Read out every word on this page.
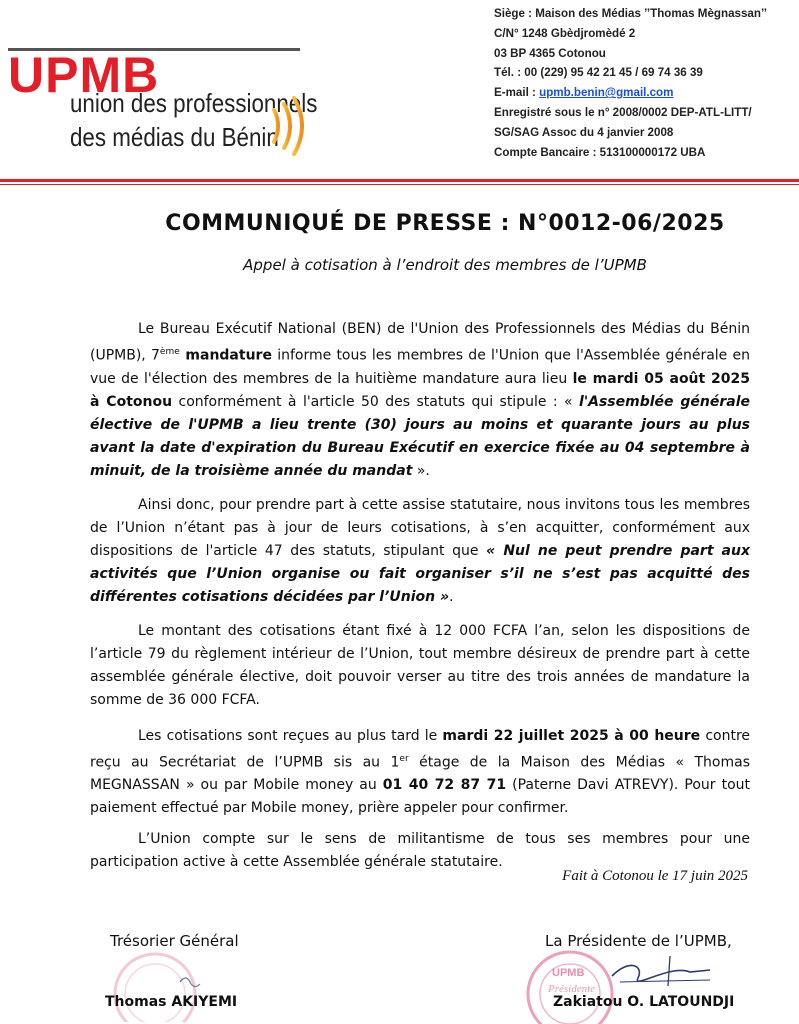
UPMB
union des professionnels
des médias du Bénin
Siège : Maison des Médias ’’Thomas Mègnassan’’
C/N° 1248 Gbèdjromèdé 2
03 BP 4365 Cotonou
Tél. : 00 (229) 95 42 21 45 / 69 74 36 39
E-mail : upmb.benin@gmail.com
Enregistré sous le n° 2008/0002 DEP-ATL-LITT/
SG/SAG Assoc du 4 janvier 2008
Compte Bancaire : 513100000172 UBA
COMMUNIQUÉ DE PRESSE : N°0012-06/2025
Appel à cotisation à l’endroit des membres de l’UPMB

Le Bureau Exécutif National (BEN) de l'Union des Professionnels des Médias du Bénin (UPMB), 7ème mandature informe tous les membres de l'Union que l'Assemblée générale en vue de l'élection des membres de la huitième mandature aura lieu le mardi 05 août 2025 à Cotonou conformément à l'article 50 des statuts qui stipule : « l'Assemblée générale élective de l'UPMB a lieu trente (30) jours au moins et quarante jours au plus avant la date d'expiration du Bureau Exécutif en exercice fixée au 04 septembre à minuit, de la troisième année du mandat ».

Ainsi donc, pour prendre part à cette assise statutaire, nous invitons tous les membres de l’Union n’étant pas à jour de leurs cotisations, à s’en acquitter, conformément aux dispositions de l'article 47 des statuts, stipulant que « Nul ne peut prendre part aux activités que l’Union organise ou fait organiser s’il ne s’est pas acquitté des différentes cotisations décidées par l’Union ».

Le montant des cotisations étant fixé à 12 000 FCFA l’an, selon les dispositions de l’article 79 du règlement intérieur de l’Union, tout membre désireux de prendre part à cette assemblée générale élective, doit pouvoir verser au titre des trois années de mandature la somme de 36 000 FCFA.

Les cotisations sont reçues au plus tard le mardi 22 juillet 2025 à 00 heure contre reçu au Secrétariat de l’UPMB sis au 1er étage de la Maison des Médias « Thomas MEGNASSAN » ou par Mobile money au 01 40 72 87 71 (Paterne Davi ATREVY). Pour tout paiement effectué par Mobile money, prière appeler pour confirmer.

L’Union compte sur le sens de militantisme de tous ses membres pour une participation active à cette Assemblée générale statutaire.

Fait à Cotonou le 17 juin 2025
UPMB
Présidente
Trésorier Général
Thomas AKIYEMI
La Présidente de l’UPMB,
Zakiatou O. LATOUNDJI
